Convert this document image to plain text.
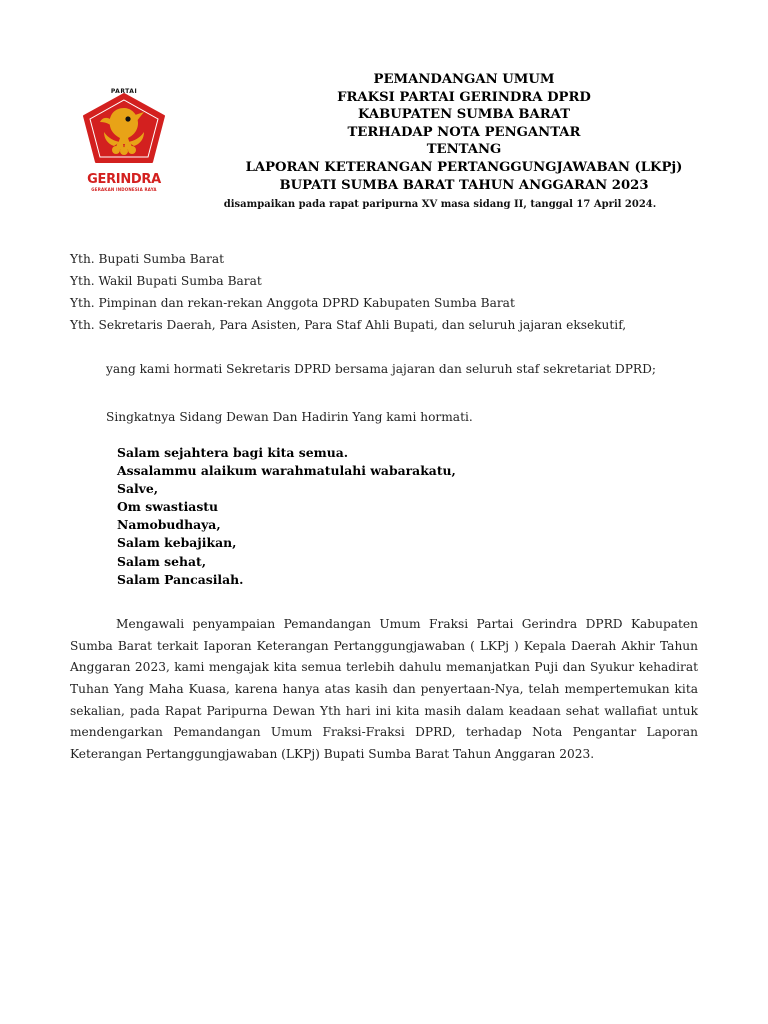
PARTAI
GERINDRA
GERAKAN INDONESIA RAYA
PEMANDANGAN UMUM
FRAKSI PARTAI GERINDRA DPRD
KABUPATEN SUMBA BARAT
TERHADAP NOTA PENGANTAR
TENTANG
LAPORAN KETERANGAN PERTANGGUNGJAWABAN (LKPj)
BUPATI SUMBA BARAT TAHUN ANGGARAN 2023
disampaikan pada rapat paripurna XV masa sidang II, tanggal 17 April 2024.

Yth. Bupati Sumba Barat

Yth. Wakil Bupati Sumba Barat

Yth. Pimpinan dan rekan-rekan Anggota DPRD Kabupaten Sumba Barat

Yth. Sekretaris Daerah, Para Asisten, Para Staf Ahli Bupati, dan seluruh jajaran eksekutif,

yang kami hormati Sekretaris DPRD bersama jajaran dan seluruh staf sekretariat DPRD;

Singkatnya Sidang Dewan Dan Hadirin Yang kami hormati.
Salam sejahtera bagi kita semua.
Assalammu alaikum warahmatulahi wabarakatu,
Salve,
Om swastiastu
Namobudhaya,
Salam kebajikan,
Salam sehat,
Salam Pancasilah.

Mengawali penyampaian Pemandangan Umum Fraksi Partai Gerindra DPRD Kabupaten Sumba Barat terkait Iaporan Keterangan Pertanggungjawaban ( LKPj ) Kepala Daerah Akhir Tahun Anggaran 2023, kami mengajak kita semua terlebih dahulu memanjatkan Puji dan Syukur kehadirat Tuhan Yang Maha Kuasa, karena hanya atas kasih dan penyertaan-Nya, telah mempertemukan kita sekalian, pada Rapat Paripurna Dewan Yth hari ini kita masih dalam keadaan sehat wallafiat untuk mendengarkan Pemandangan Umum Fraksi-Fraksi DPRD, terhadap Nota Pengantar Laporan Keterangan Pertanggungjawaban (LKPj) Bupati Sumba Barat Tahun Anggaran 2023.
